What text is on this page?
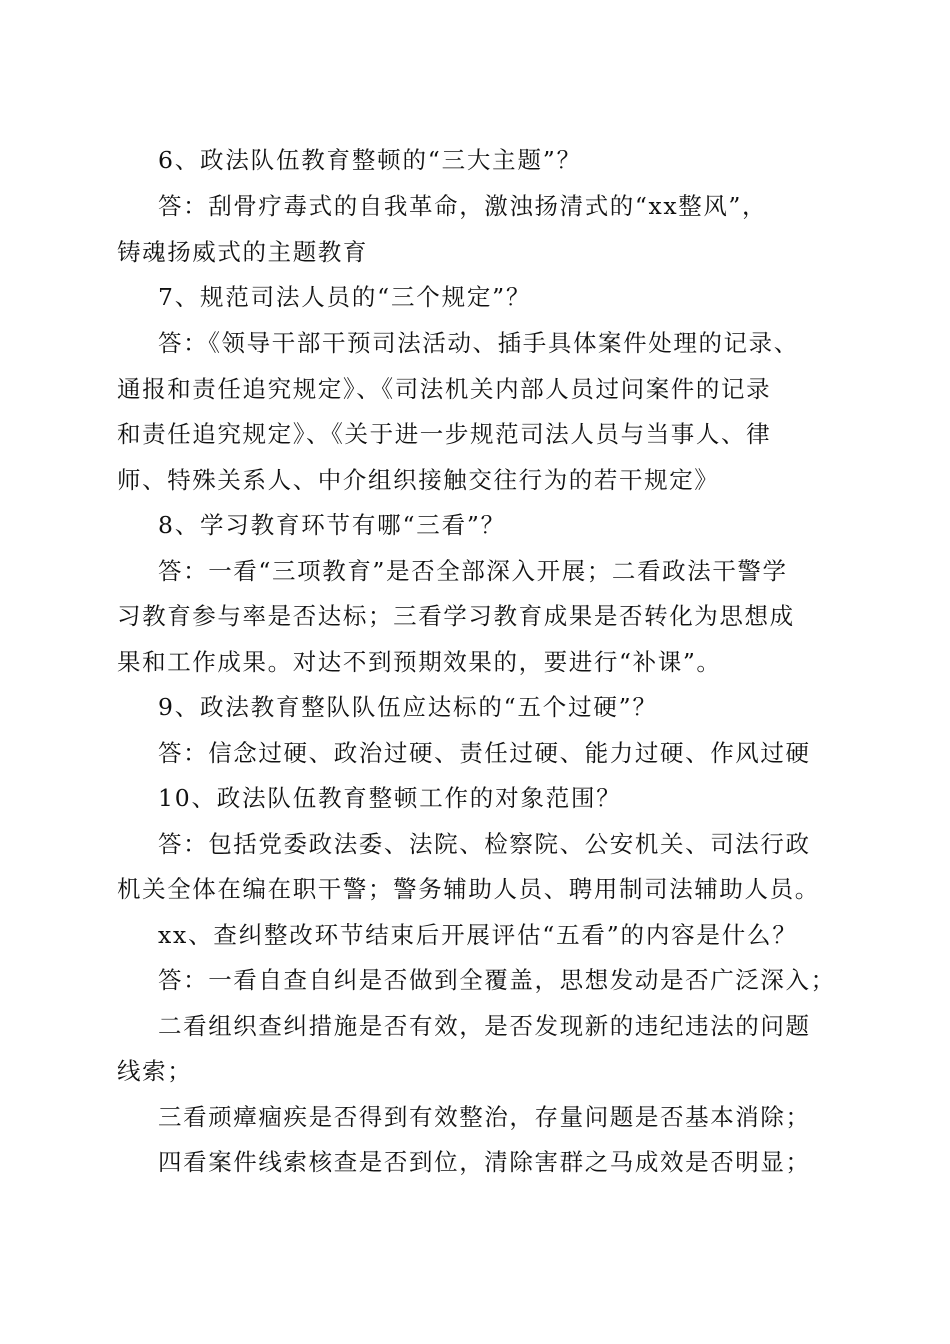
6、政法队伍教育整顿的“三大主题”？
答：刮骨疗毒式的自我革命，激浊扬清式的“xx整风”，
铸魂扬威式的主题教育
7、规范司法人员的“三个规定”？
答：《领导干部干预司法活动、插手具体案件处理的记录、
通报和责任追究规定》、《司法机关内部人员过问案件的记录
和责任追究规定》、《关于进一步规范司法人员与当事人、律
师、特殊关系人、中介组织接触交往行为的若干规定》
8、学习教育环节有哪“三看”？
答：一看“三项教育”是否全部深入开展；二看政法干警学
习教育参与率是否达标；三看学习教育成果是否转化为思想成
果和工作成果。对达不到预期效果的，要进行“补课”。
9、政法教育整队队伍应达标的“五个过硬”？
答：信念过硬、政治过硬、责任过硬、能力过硬、作风过硬
10、政法队伍教育整顿工作的对象范围？
答：包括党委政法委、法院、检察院、公安机关、司法行政
机关全体在编在职干警；警务辅助人员、聘用制司法辅助人员。
xx、查纠整改环节结束后开展评估“五看”的内容是什么？
答：一看自查自纠是否做到全覆盖，思想发动是否广泛深入；
二看组织查纠措施是否有效，是否发现新的违纪违法的问题
线索；
三看顽瘴痼疾是否得到有效整治，存量问题是否基本消除；
四看案件线索核查是否到位，清除害群之马成效是否明显；
